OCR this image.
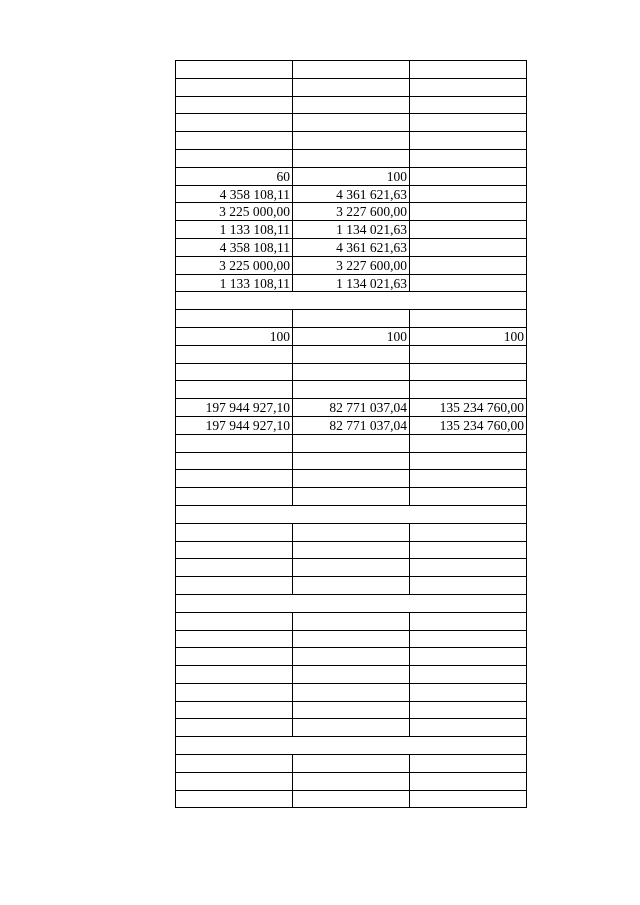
60	100
4 358 108,11	4 361 621,63
3 225 000,00	3 227 600,00
1 133 108,11	1 134 021,63
4 358 108,11	4 361 621,63
3 225 000,00	3 227 600,00
1 133 108,11	1 134 021,63
100	100	100
197 944 927,10	82 771 037,04	135 234 760,00
197 944 927,10	82 771 037,04	135 234 760,00
